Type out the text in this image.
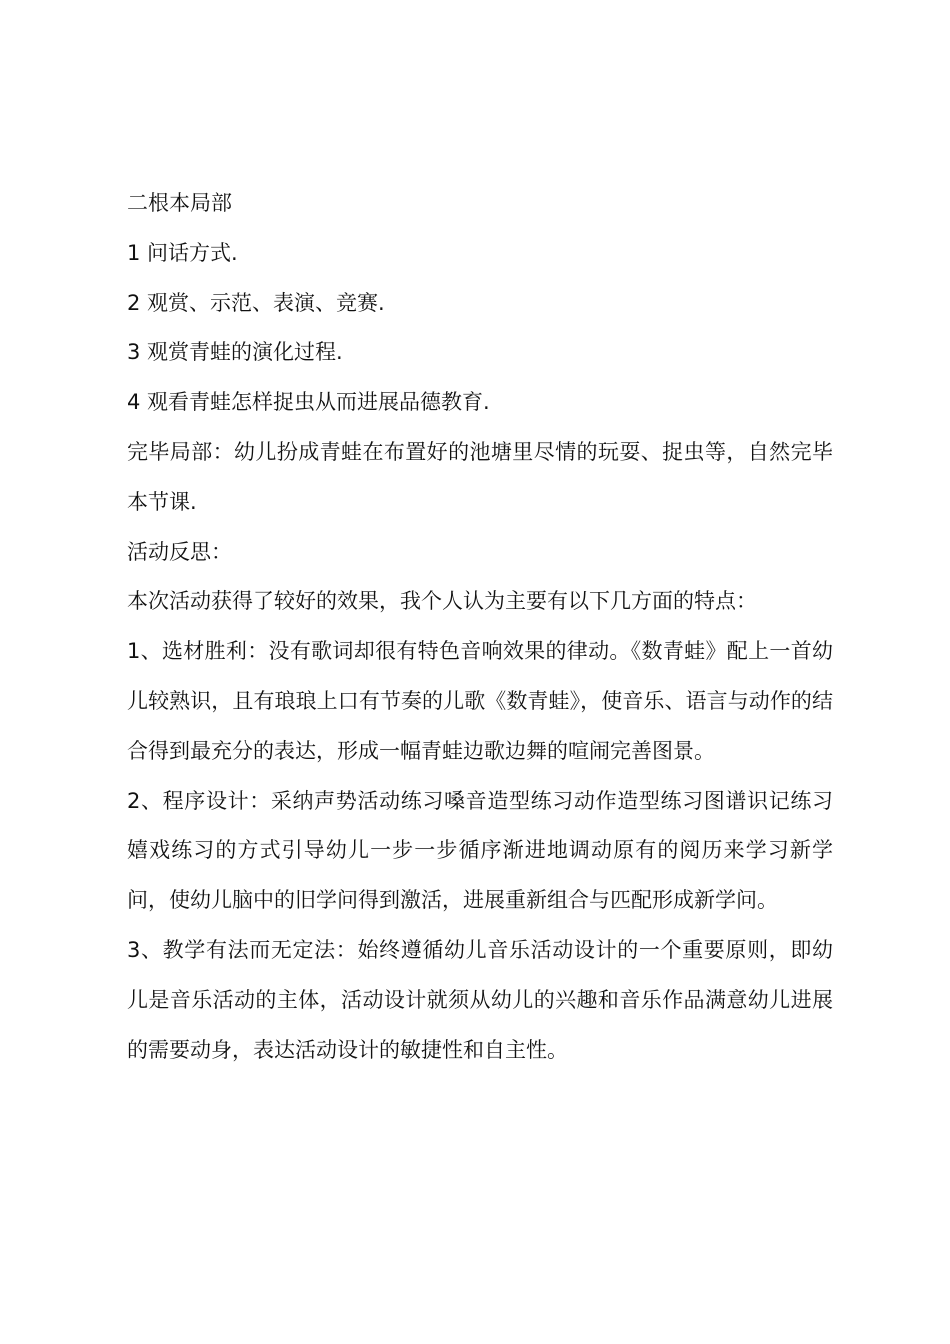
二根本局部

1 问话方式.

2 观赏、示范、表演、竞赛.

3 观赏青蛙的演化过程.

4 观看青蛙怎样捉虫从而进展品德教育.

完毕局部：幼儿扮成青蛙在布置好的池塘里尽情的玩耍、捉虫等，自然完毕本节课.

活动反思：

本次活动获得了较好的效果，我个人认为主要有以下几方面的特点：

1、选材胜利：没有歌词却很有特色音响效果的律动。《数青蛙》配上一首幼儿较熟识，且有琅琅上口有节奏的儿歌《数青蛙》，使音乐、语言与动作的结合得到最充分的表达，形成一幅青蛙边歌边舞的喧闹完善图景。

2、程序设计：采纳声势活动练习嗓音造型练习动作造型练习图谱识记练习嬉戏练习的方式引导幼儿一步一步循序渐进地调动原有的阅历来学习新学问，使幼儿脑中的旧学问得到激活，进展重新组合与匹配形成新学问。

3、教学有法而无定法：始终遵循幼儿音乐活动设计的一个重要原则，即幼儿是音乐活动的主体，活动设计就须从幼儿的兴趣和音乐作品满意幼儿进展的需要动身，表达活动设计的敏捷性和自主性。
